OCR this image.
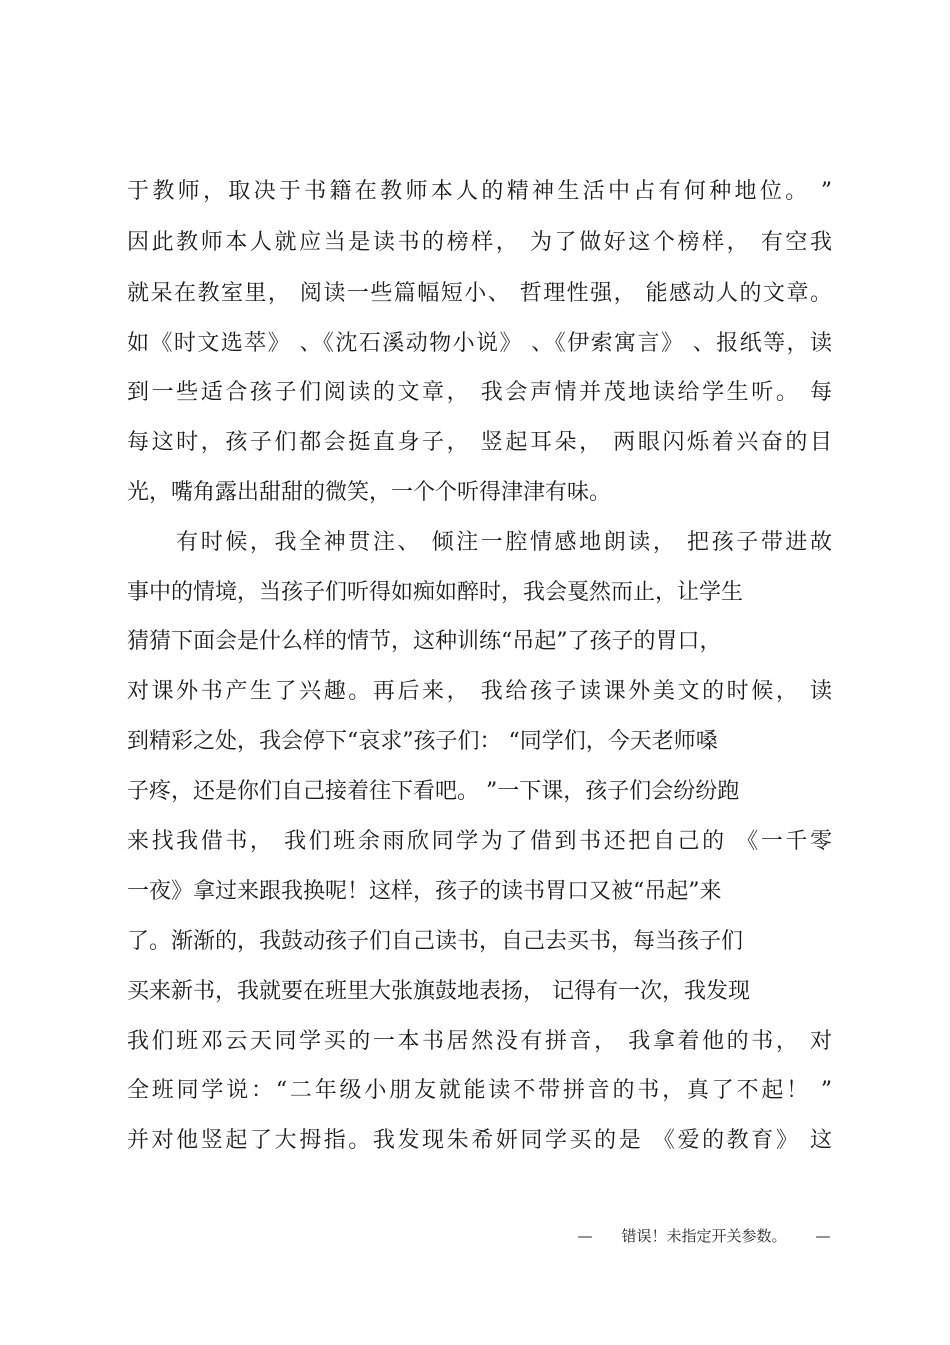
于教师，取决于书籍在教师本人的精神生活中占有何种地位。 ”
因此教师本人就应当是读书的榜样， 为了做好这个榜样， 有空我
就呆在教室里， 阅读一些篇幅短小、 哲理性强， 能感动人的文章。
如《时文选萃》 、《沈石溪动物小说》 、《伊索寓言》 、报纸等，读
到一些适合孩子们阅读的文章， 我会声情并茂地读给学生听。 每
每这时，孩子们都会挺直身子， 竖起耳朵， 两眼闪烁着兴奋的目
光，嘴角露出甜甜的微笑，一个个听得津津有味。
　　有时候，我全神贯注、 倾注一腔情感地朗读， 把孩子带进故
事中的情境，当孩子们听得如痴如醉时，我会戛然而止，让学生
猜猜下面会是什么样的情节，这种训练“吊起”了孩子的胃口，
对课外书产生了兴趣。再后来， 我给孩子读课外美文的时候， 读
到精彩之处，我会停下“哀求”孩子们： “同学们，今天老师嗓
子疼，还是你们自己接着往下看吧。 ”一下课，孩子们会纷纷跑
来找我借书， 我们班余雨欣同学为了借到书还把自己的 《一千零
一夜》拿过来跟我换呢！这样，孩子的读书胃口又被“吊起”来
了。渐渐的，我鼓动孩子们自己读书，自己去买书，每当孩子们
买来新书，我就要在班里大张旗鼓地表扬， 记得有一次，我发现
我们班邓云天同学买的一本书居然没有拼音， 我拿着他的书， 对
全班同学说：“二年级小朋友就能读不带拼音的书，真了不起！ ”
并对他竖起了大拇指。我发现朱希妍同学买的是 《爱的教育》 这
— 错误！未指定开关参数。 —
